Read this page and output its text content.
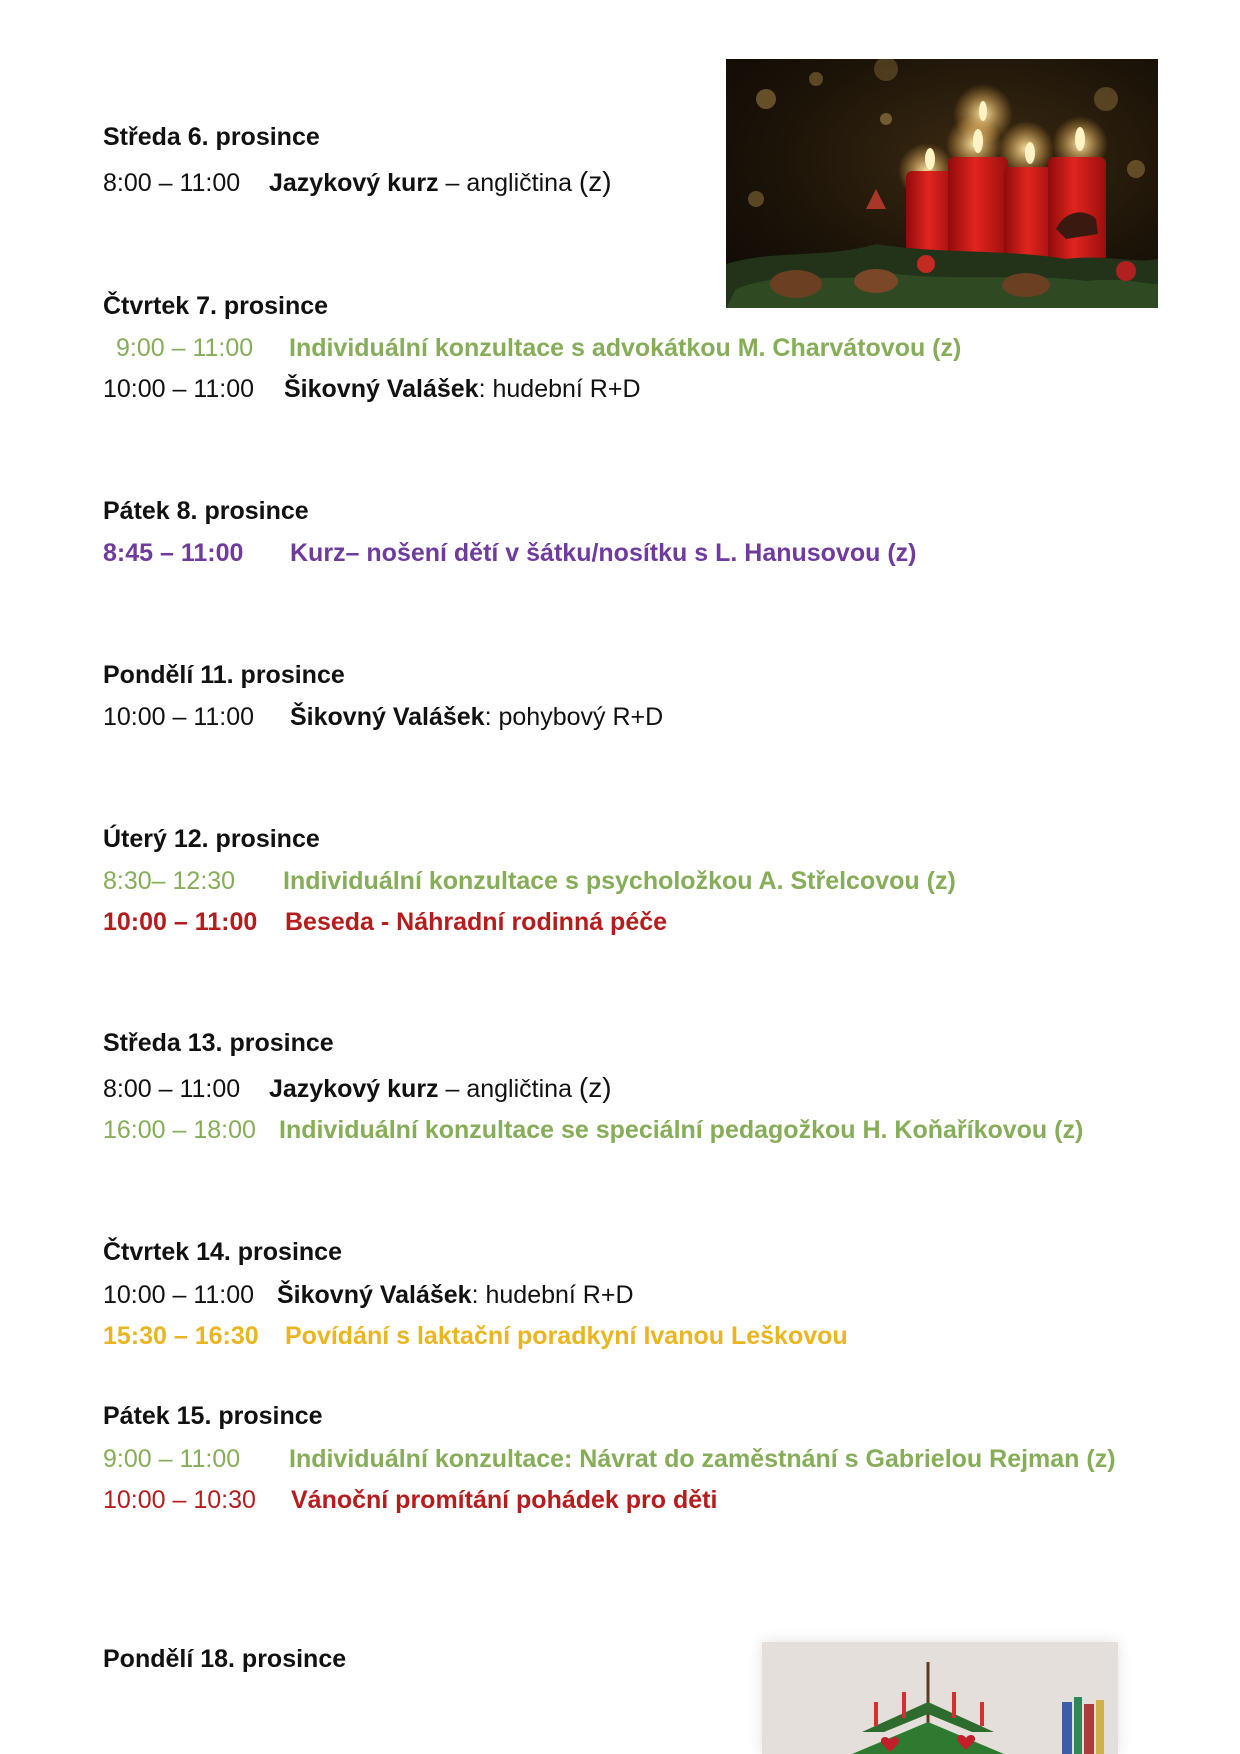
Středa 6. prosince
8:00 – 11:00 Jazykový kurz – angličtina (z)
Čtvrtek 7. prosince
9:00 – 11:00 Individuální konzultace s advokátkou M. Charvátovou (z)
10:00 – 11:00 Šikovný Valášek: hudební R+D
Pátek 8. prosince
8:45 – 11:00 Kurz– nošení dětí v šátku/nosítku s L. Hanusovou (z)
Pondělí 11. prosince
10:00 – 11:00 Šikovný Valášek: pohybový R+D
Úterý 12. prosince
8:30– 12:30 Individuální konzultace s psycholožkou A. Střelcovou (z)
10:00 – 11:00 Beseda - Náhradní rodinná péče
Středa 13. prosince
8:00 – 11:00 Jazykový kurz – angličtina (z)
16:00 – 18:00 Individuální konzultace se speciální pedagožkou H. Koňaříkovou (z)
Čtvrtek 14. prosince
10:00 – 11:00 Šikovný Valášek: hudební R+D
15:30 – 16:30 Povídání s laktační poradkyní Ivanou Leškovou
Pátek 15. prosince
9:00 – 11:00 Individuální konzultace: Návrat do zaměstnání s Gabrielou Rejman (z)
10:00 – 10:30 Vánoční promítání pohádek pro děti
Pondělí 18. prosince
